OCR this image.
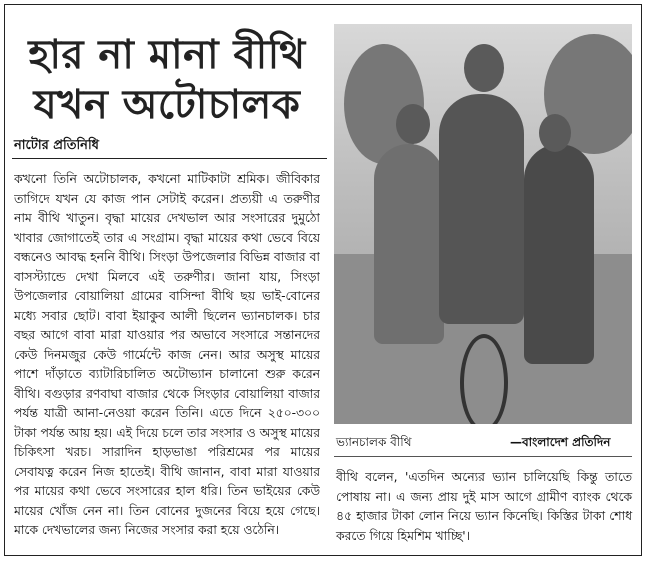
হার না মানা বীথি
যখন অটোচালক
নাটোর প্রতিনিধি

কখনো তিনি অটোচালক, কখনো মাটিকাটা শ্রমিক। জীবিকার তাগিদে যখন যে কাজ পান সেটাই করেন। প্রত্যয়ী এ তরুণীর নাম বীথি খাতুন। বৃদ্ধা মায়ের দেখভাল আর সংসারের দুমুঠো খাবার জোগাতেই তার এ সংগ্রাম। বৃদ্ধা মায়ের কথা ভেবে বিয়ে বন্ধনেও আবদ্ধ হননি বীথি। সিংড়া উপজেলার বিভিন্ন বাজার বা বাসস্ট্যান্ডে দেখা মিলবে এই তরুণীর। জানা যায়, সিংড়া উপজেলার বোয়ালিয়া গ্রামের বাসিন্দা বীথি ছয় ভাই-বোনের মধ্যে সবার ছোট। বাবা ইয়াকুব আলী ছিলেন ভ্যানচালক। চার বছর আগে বাবা মারা যাওয়ার পর অভাবে সংসারে সন্তানদের কেউ দিনমজুর কেউ গার্মেন্টে কাজ নেন। আর অসুস্থ মায়ের পাশে দাঁড়াতে ব্যাটারিচালিত অটোভ্যান চালানো শুরু করেন বীথি। বগুড়ার রণবাঘা বাজার থেকে সিংড়ার বোয়ালিয়া বাজার পর্যন্ত যাত্রী আনা-নেওয়া করেন তিনি। এতে দিনে ২৫০-৩০০ টাকা পর্যন্ত আয় হয়। এই দিয়ে চলে তার সংসার ও অসুস্থ মায়ের চিকিৎসা খরচ। সারাদিন হাড়ভাঙা পরিশ্রমের পর মায়ের সেবাযত্ন করেন নিজ হাতেই। বীথি জানান, বাবা মারা যাওয়ার পর মায়ের কথা ভেবে সংসারের হাল ধরি। তিন ভাইয়ের কেউ মায়ের খোঁজ নেন না। তিন বোনের দুজনের বিয়ে হয়ে গেছে। মাকে দেখভালের জন্য নিজের সংসার করা হয়ে ওঠেনি।

ভ্যানচালক বীথি	—বাংলাদেশ প্রতিদিন

বীথি বলেন, 'এতদিন অন্যের ভ্যান চালিয়েছি কিন্তু তাতে পোষায় না। এ জন্য প্রায় দুই মাস আগে গ্রামীণ ব্যাংক থেকে ৪৫ হাজার টাকা লোন নিয়ে ভ্যান কিনেছি। কিস্তির টাকা শোধ করতে গিয়ে হিমশিম খাচ্ছি'।
